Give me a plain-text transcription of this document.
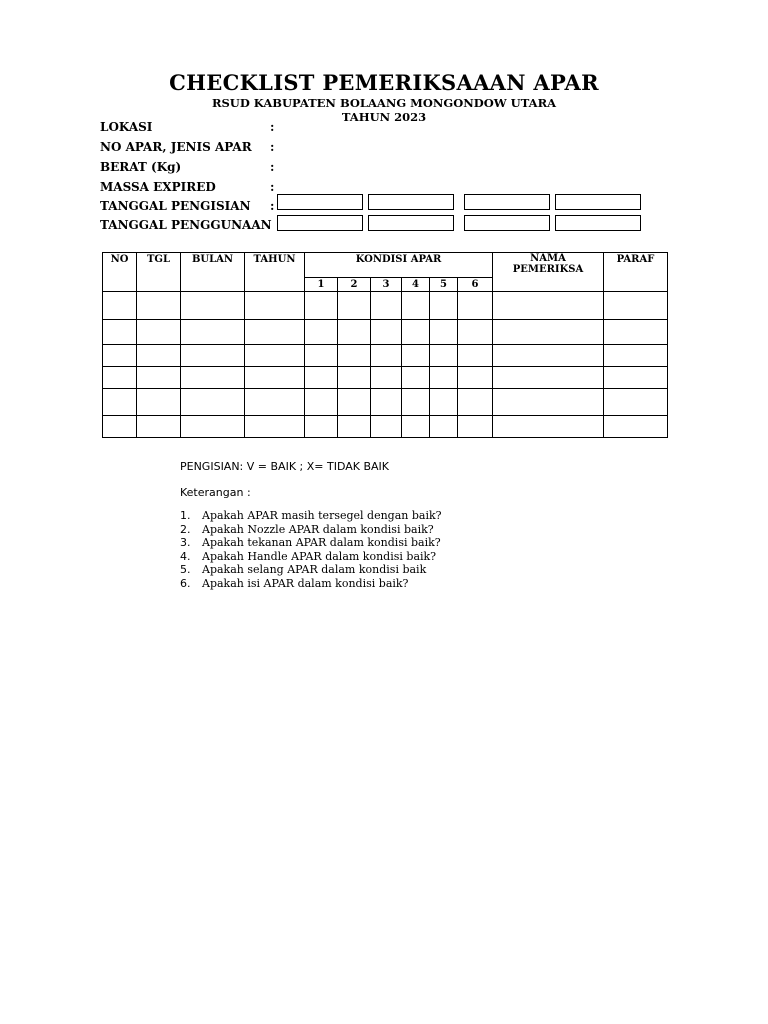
CHECKLIST PEMERIKSAAAN APAR
RSUD KABUPATEN BOLAANG MONGONDOW UTARA
TAHUN 2023
LOKASI	:
NO APAR, JENIS APAR :
BERAT (Kg)	:
MASSA EXPIRED	:
TANGGAL PENGISIAN :
TANGGAL PENGGUNAAN
NO	TGL	BULAN	TAHUN	KONDISI APAR						NAMA PEMERIKSA	PARAF
				1	2	3	4	5	6		

PENGISIAN: V = BAIK ; X= TIDAK BAIK
Keterangan :
1. Apakah APAR masih tersegel dengan baik?
2. Apakah Nozzle APAR dalam kondisi baik?
3. Apakah tekanan APAR dalam kondisi baik?
4. Apakah Handle APAR dalam kondisi baik?
5. Apakah selang APAR dalam kondisi baik
6. Apakah isi APAR dalam kondisi baik?
